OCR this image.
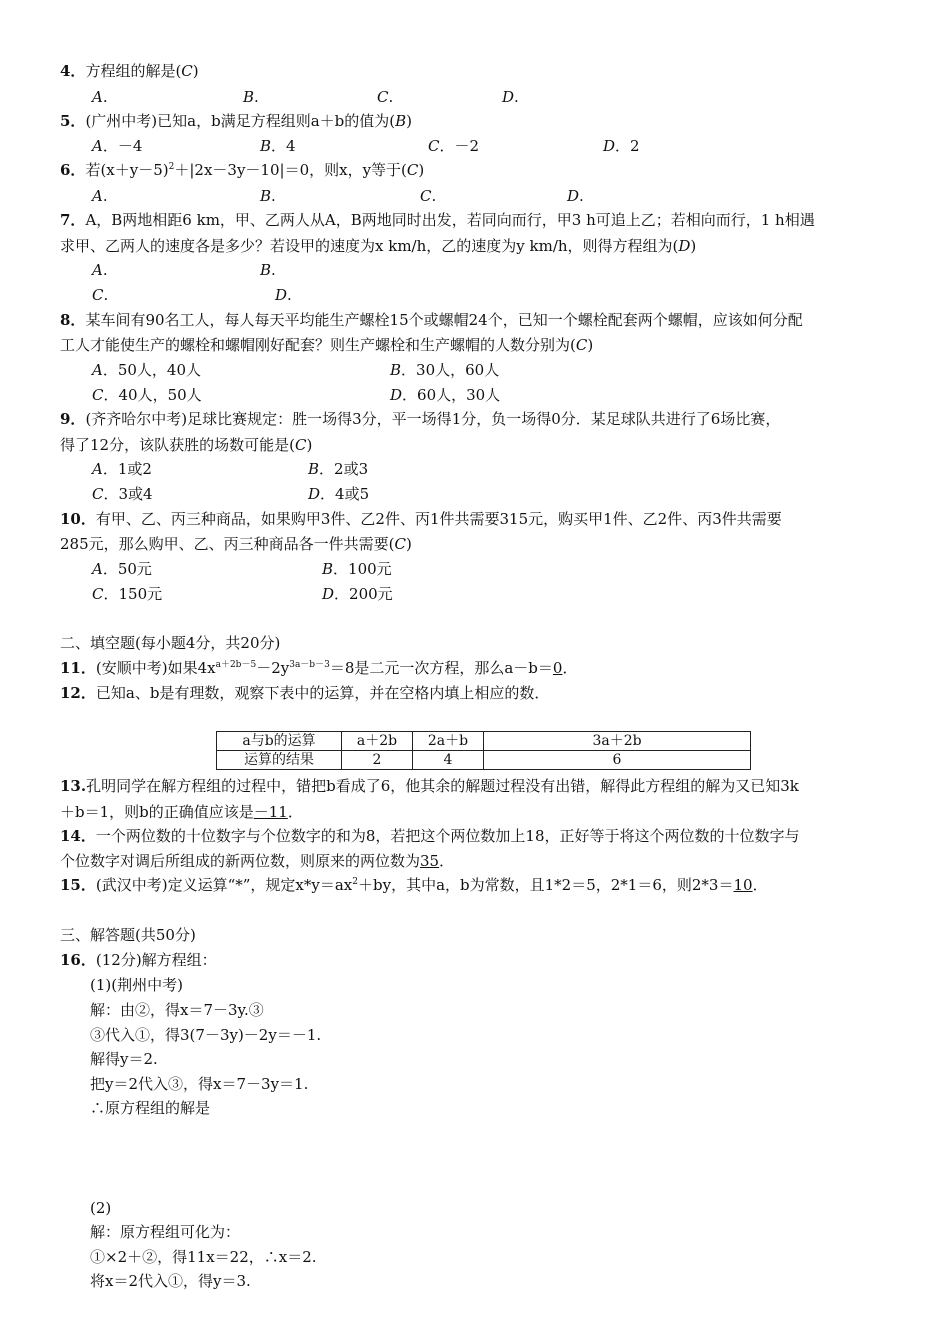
4．方程组的解是(C)
A.	B.	C.	D.
5．(广州中考)已知a，b满足方程组则a＋b的值为(B)
A．－4	B．4	C．－2	D．2
6．若$(x+y-5)^2+|2x-3y-10|=0$，则x，y等于(C)
A.	B.	C.	D.
7．A，B两地相距6 km，甲、乙两人从A，B两地同时出发，若同向而行，甲3 h可追上乙；若相向而行，1 h相遇
求甲、乙两人的速度各是多少？若设甲的速度为x km/h，乙的速度为y km/h，则得方程组为(D)
A.	B.
C.	D.
8．某车间有90名工人，每人每天平均能生产螺栓15个或螺帽24个，已知一个螺栓配套两个螺帽，应该如何分配
工人才能使生产的螺栓和螺帽刚好配套？则生产螺栓和生产螺帽的人数分别为(C)
A．50人，40人	B．30人，60人
C．40人，50人	D．60人，30人
9．(齐齐哈尔中考)足球比赛规定：胜一场得3分，平一场得1分，负一场得0分．某足球队共进行了6场比赛，
得了12分，该队获胜的场数可能是(C)
A．1或2	B．2或3
C．3或4	D．4或5
10．有甲、乙、丙三种商品，如果购甲3件、乙2件、丙1件共需要315元，购买甲1件、乙2件、丙3件共需要
285元，那么购甲、乙、丙三种商品各一件共需要(C)
A．50元	B．100元
C．150元	D．200元
二、填空题(每小题4分，共20分)
11．(安顺中考)如果$4x^{a+2b-5}-2y^{3a-b-3}=8$是二元一次方程，那么a－b＝0．
12．已知a、b是有理数，观察下表中的运算，并在空格内填上相应的数．
a与b的运算	a＋2b	2a＋b	3a＋2b
运算的结果	2	4	6
13.孔明同学在解方程组的过程中，错把b看成了6，他其余的解题过程没有出错，解得此方程组的解为又已知3k
＋b＝1，则b的正确值应该是－11．
14．一个两位数的十位数字与个位数字的和为8，若把这个两位数加上18，正好等于将这个两位数的十位数字与
个位数字对调后所组成的新两位数，则原来的两位数为35．
15．(武汉中考)定义运算“*”，规定$x*y=ax^2+by$，其中a，b为常数，且1*2＝5，2*1＝6，则2*3＝10．
三、解答题(共50分)
16．(12分)解方程组：
(1)(荆州中考)
解：由②，得x＝7－3y.③
③代入①，得3(7－3y)－2y＝－1.
解得y＝2.
把y＝2代入③，得x＝7－3y＝1.
∴原方程组的解是
(2)
解：原方程组可化为：
①×2＋②，得11x＝22，∴x＝2.
将x＝2代入①，得y＝3.
